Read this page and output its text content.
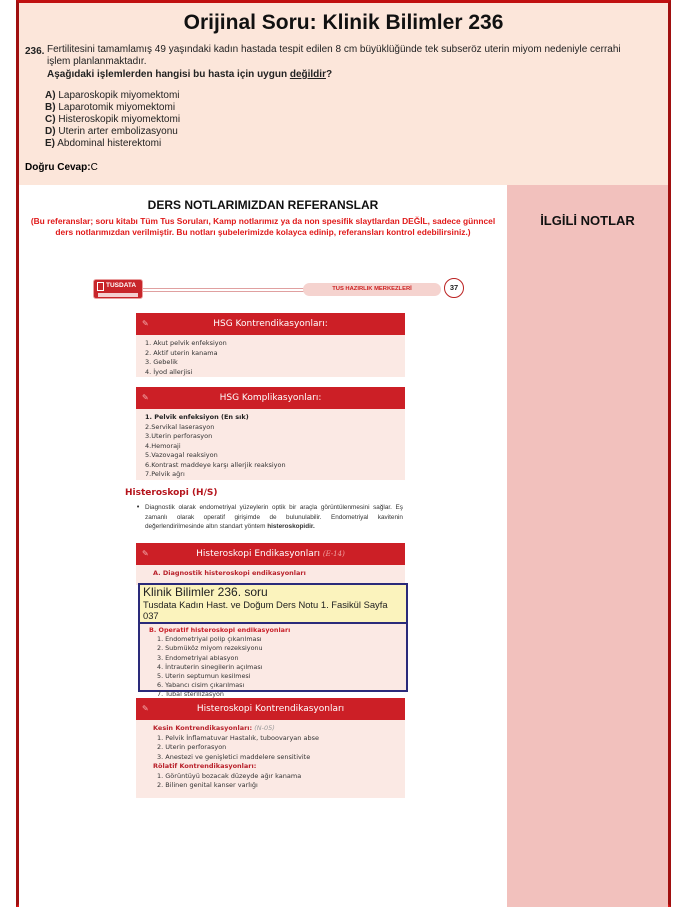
Orijinal Soru: Klinik Bilimler 236
236. Fertilitesini tamamlamış 49 yaşındaki kadın hastada tespit edilen 8 cm büyüklüğünde tek subseröz uterin miyom nedeniyle cerrahi işlem planlanmaktadır.
Aşağıdaki işlemlerden hangisi bu hasta için uygun değildir?
A) Laparoskopik miyomektomi
B) Laparotomik miyomektomi
C) Histeroskopik miyomektomi
D) Uterin arter embolizasyonu
E) Abdominal histerektomi
Doğru Cevap:C
DERS NOTLARIMIZDAN REFERANSLAR
(Bu referanslar; soru kitabı Tüm Tus Soruları, Kamp notlarımız ya da non spesifik slaytlardan DEĞİL, sadece günncel ders notlarımızdan verilmiştir. Bu notları şubelerimizde kolayca edinip, referansları kontrol edebilirsiniz.)
TUSDATA	TUS HAZIRLIK MERKEZLERİ	37
✎	HSG Kontrendikasyonları:
1. Akut pelvik enfeksiyon
2. Aktif uterin kanama
3. Gebelik
4. İyod allerjisi
✎	HSG Komplikasyonları:
1. Pelvik enfeksiyon (En sık)
2.Servikal laserasyon
3.Uterin perforasyon
4.Hemoraji
5.Vazovagal reaksiyon
6.Kontrast maddeye karşı allerjik reaksiyon
7.Pelvik ağrı
Histeroskopi (H/S)
• Diagnostik olarak endometriyal yüzeylerin optik bir araçla görüntülenmesini sağlar. Eş zamanlı olarak operatif girişimde de bulunulabilir. Endometriyal kavitenin değerlendirilmesinde altın standart yöntem histeroskopidir.
✎	Histeroskopi Endikasyonları (E-14)
A. Diagnostik histeroskopi endikasyonları
Klinik Bilimler 236. soru
Tusdata Kadın Hast. ve Doğum Ders Notu 1. Fasikül Sayfa 037
B. Operatif histeroskopi endikasyonları
1. Endometriyal polip çıkarılması
2. Submüköz miyom rezeksiyonu
3. Endometriyal ablasyon
4. İntrauterin sinegilerin açılması
5. Uterin septumun kesilmesi
6. Yabancı cisim çıkarılması
7. Tubal sterilizasyon
✎	Histeroskopi Kontrendikasyonları
Kesin Kontrendikasyonları: (N-05)
1. Pelvik İnflamatuvar Hastalık, tuboovaryan abse
2. Uterin perforasyon
3. Anestezi ve genişletici maddelere sensitivite
Rölatif Kontrendikasyonları:
1. Görüntüyü bozacak düzeyde ağır kanama
2. Bilinen genital kanser varlığı
İLGİLİ NOTLAR
